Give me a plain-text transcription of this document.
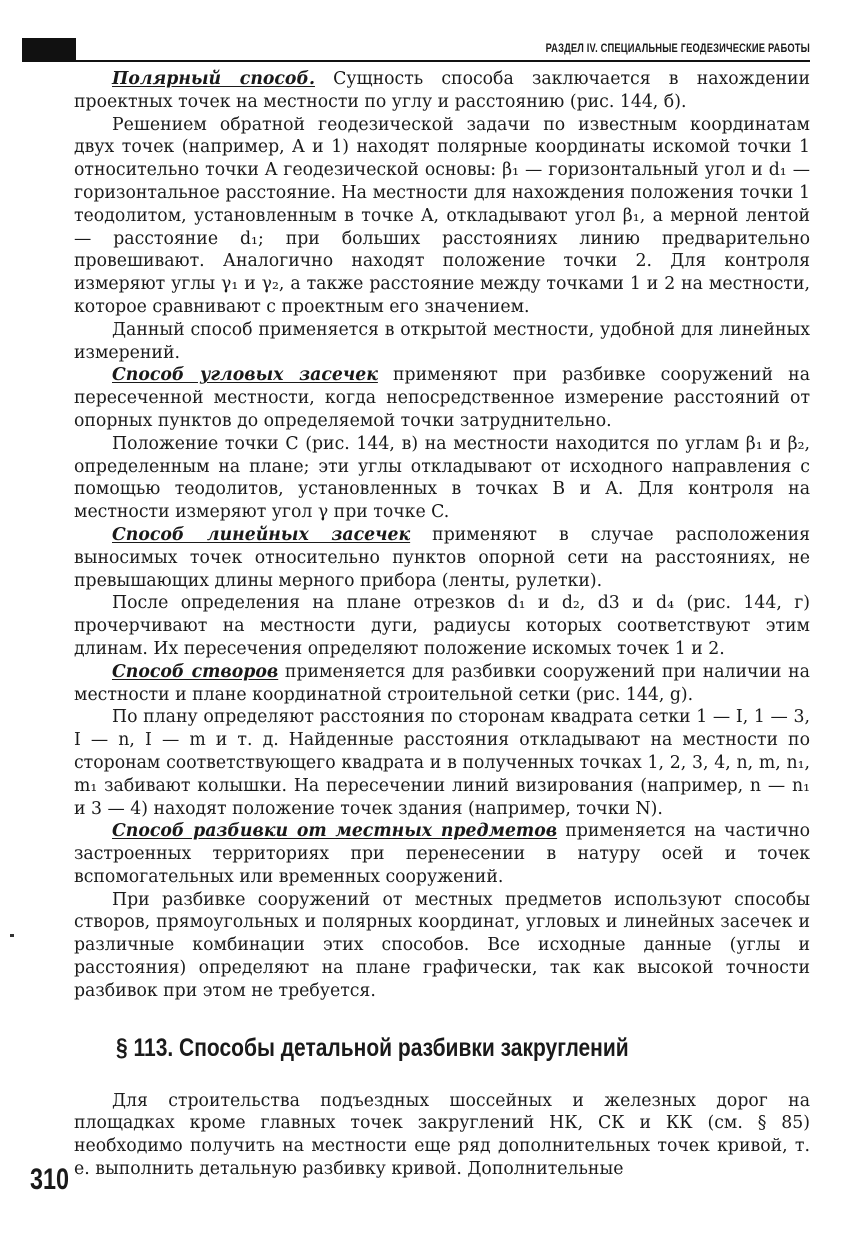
РАЗДЕЛ IV. СПЕЦИАЛЬНЫЕ ГЕОДЕЗИЧЕСКИЕ РАБОТЫ

Полярный способ. Сущность способа заключается в нахождении проектных точек на местности по углу и расстоянию (рис. 144, б).

Решением обратной геодезической задачи по известным координатам двух точек (например, A и 1) находят полярные координаты искомой точки 1 относительно точки A геодезической основы: β₁ — горизонтальный угол и d₁ — горизонтальное расстояние. На местности для нахождения положения точки 1 теодолитом, установленным в точке A, откладывают угол β₁, а мерной лентой — расстояние d₁; при больших расстояниях линию предварительно провешивают. Аналогично находят положение точки 2. Для контроля измеряют углы γ₁ и γ₂, а также расстояние между точками 1 и 2 на местности, которое сравнивают с проектным его значением.

Данный способ применяется в открытой местности, удобной для линейных измерений.

Способ угловых засечек применяют при разбивке сооружений на пересеченной местности, когда непосредственное измерение расстояний от опорных пунктов до определяемой точки затруднительно.

Положение точки C (рис. 144, в) на местности находится по углам β₁ и β₂, определенным на плане; эти углы откладывают от исходного направления с помощью теодолитов, установленных в точках B и A. Для контроля на местности измеряют угол γ при точке C.

Способ линейных засечек применяют в случае расположения выносимых точек относительно пунктов опорной сети на расстояниях, не превышающих длины мерного прибора (ленты, рулетки).

После определения на плане отрезков d₁ и d₂, d3 и d₄ (рис. 144, г) прочерчивают на местности дуги, радиусы которых соответствуют этим длинам. Их пересечения определяют положение искомых точек 1 и 2.

Способ створов применяется для разбивки сооружений при наличии на местности и плане координатной строительной сетки (рис. 144, g).

По плану определяют расстояния по сторонам квадрата сетки 1 — I, 1 — 3, I — n, I — m и т. д. Найденные расстояния откладывают на местности по сторонам соответствующего квадрата и в полученных точках 1, 2, 3, 4, n, m, n₁, m₁ забивают колышки. На пересечении линий визирования (например, n — n₁ и 3 — 4) находят положение точек здания (например, точки N).

Способ разбивки от местных предметов применяется на частично застроенных территориях при перенесении в натуру осей и точек вспомогательных или временных сооружений.

При разбивке сооружений от местных предметов используют способы створов, прямоугольных и полярных координат, угловых и линейных засечек и различные комбинации этих способов. Все исходные данные (углы и расстояния) определяют на плане графически, так как высокой точности разбивок при этом не требуется.

§ 113. Способы детальной разбивки закруглений

Для строительства подъездных шоссейных и железных дорог на площадках кроме главных точек закруглений НК, СК и КК (см. § 85) необходимо получить на местности еще ряд дополнительных точек кривой, т. е. выполнить детальную разбивку кривой. Дополнительные

310
